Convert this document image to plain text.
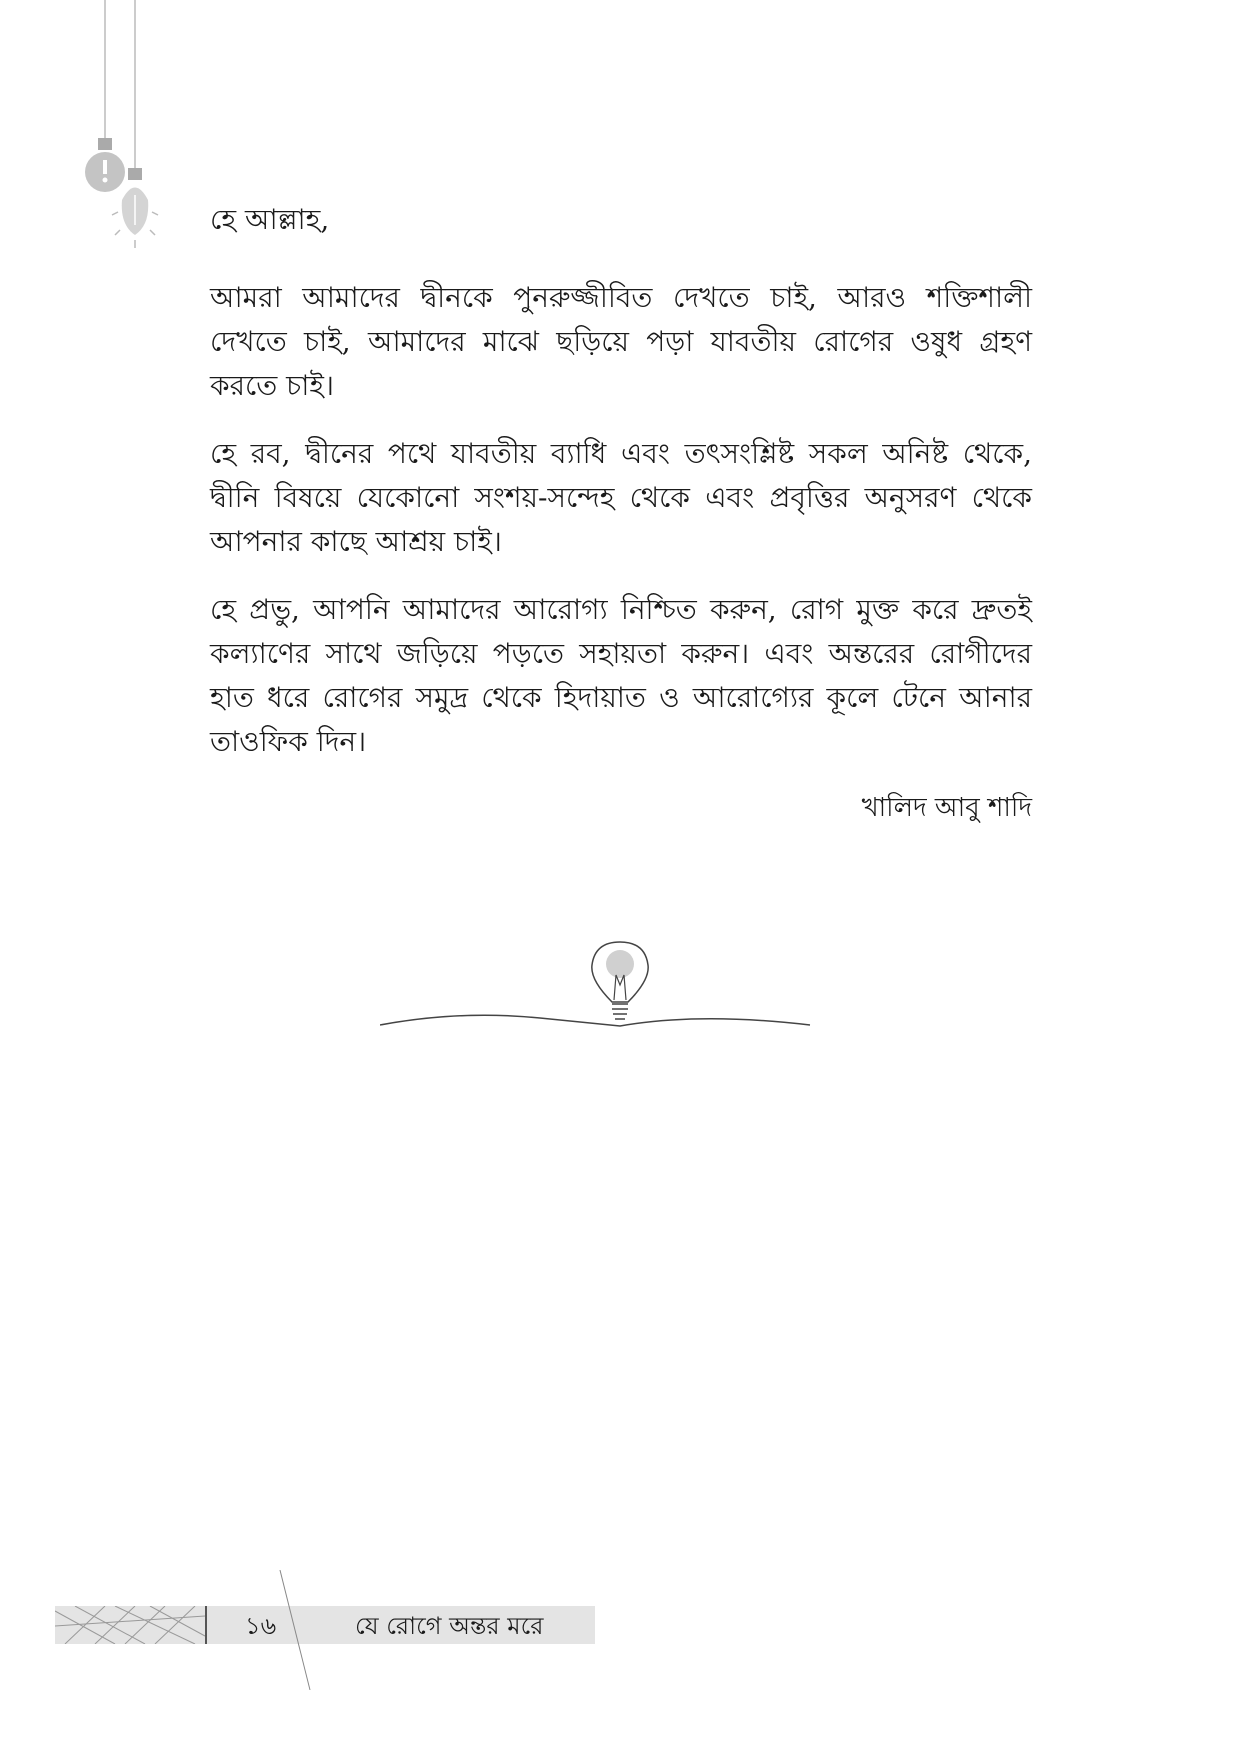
হে আল্লাহ,

আমরা আমাদের দ্বীনকে পুনরুজ্জীবিত দেখতে চাই, আরও শক্তিশালী দেখতে চাই, আমাদের মাঝে ছড়িয়ে পড়া যাবতীয় রোগের ওষুধ গ্রহণ করতে চাই।

হে রব, দ্বীনের পথে যাবতীয় ব্যাধি এবং তৎসংশ্লিষ্ট সকল অনিষ্ট থেকে, দ্বীনি বিষয়ে যেকোনো সংশয়-সন্দেহ থেকে এবং প্রবৃত্তির অনুসরণ থেকে আপনার কাছে আশ্রয় চাই।

হে প্রভু, আপনি আমাদের আরোগ্য নিশ্চিত করুন, রোগ মুক্ত করে দ্রুতই কল্যাণের সাথে জড়িয়ে পড়তে সহায়তা করুন। এবং অন্তরের রোগীদের হাত ধরে রোগের সমুদ্র থেকে হিদায়াত ও আরোগ্যের কূলে টেনে আনার তাওফিক দিন।

খালিদ আবু শাদি
১৬	যে রোগে অন্তর মরে
